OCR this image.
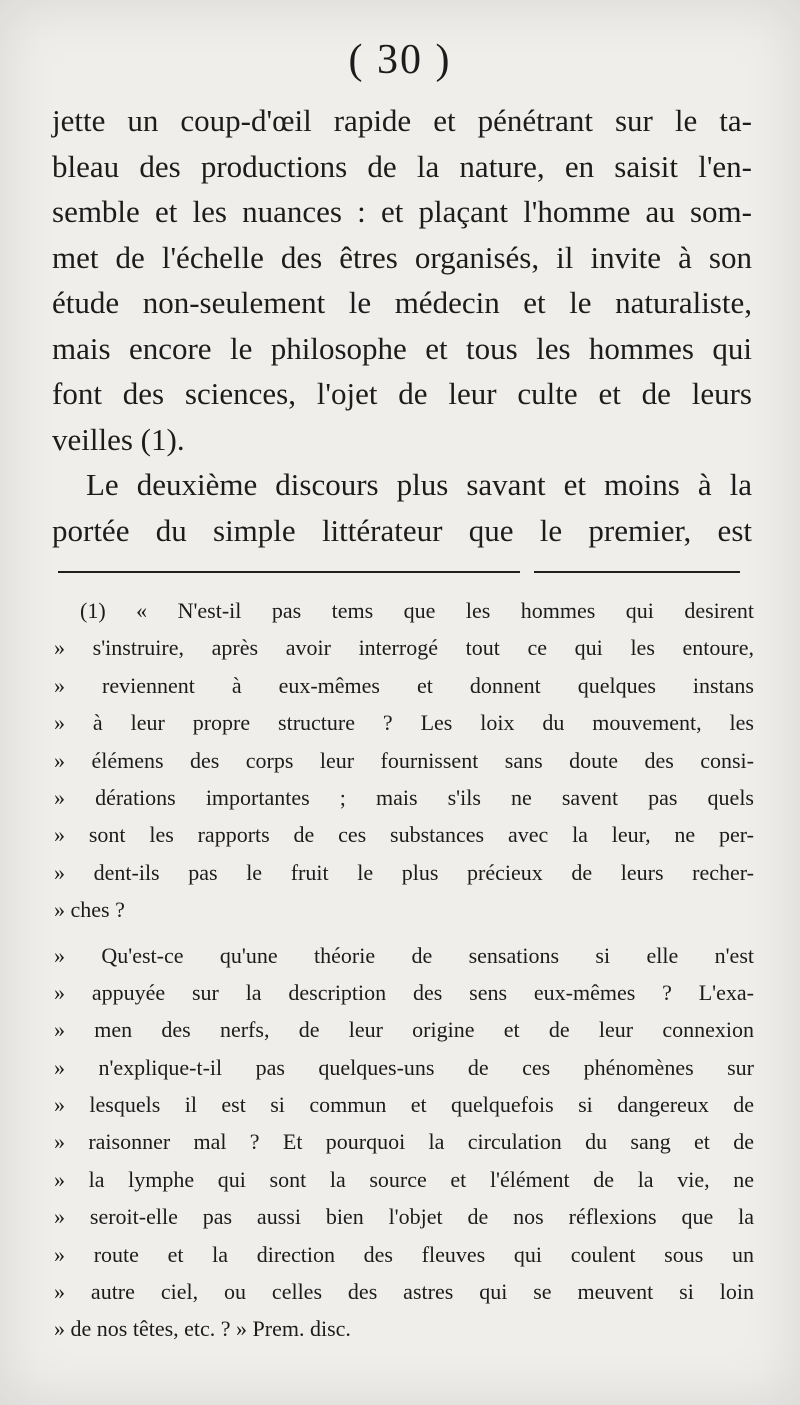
( 30 )
jette un coup-d'œil rapide et pénétrant sur le ta-
bleau des productions de la nature, en saisit l'en-
semble et les nuances : et plaçant l'homme au som-
met de l'échelle des êtres organisés, il invite à son
étude non-seulement le médecin et le naturaliste,
mais encore le philosophe et tous les hommes qui
font des sciences, l'ojet de leur culte et de leurs
veilles (1).
Le deuxième discours plus savant et moins à la
portée du simple littérateur que le premier, est
(1) « N'est-il pas tems que les hommes qui desirent
» s'instruire, après avoir interrogé tout ce qui les entoure,
» reviennent à eux-mêmes et donnent quelques instans
» à leur propre structure ? Les loix du mouvement, les
» élémens des corps leur fournissent sans doute des consi-
» dérations importantes ; mais s'ils ne savent pas quels
» sont les rapports de ces substances avec la leur, ne per-
» dent-ils pas le fruit le plus précieux de leurs recher-
» ches ?
» Qu'est-ce qu'une théorie de sensations si elle n'est
» appuyée sur la description des sens eux-mêmes ? L'exa-
» men des nerfs, de leur origine et de leur connexion
» n'explique-t-il pas quelques-uns de ces phénomènes sur
» lesquels il est si commun et quelquefois si dangereux de
» raisonner mal ? Et pourquoi la circulation du sang et de
» la lymphe qui sont la source et l'élément de la vie, ne
» seroit-elle pas aussi bien l'objet de nos réflexions que la
» route et la direction des fleuves qui coulent sous un
» autre ciel, ou celles des astres qui se meuvent si loin
» de nos têtes, etc. ? » Prem. disc.
